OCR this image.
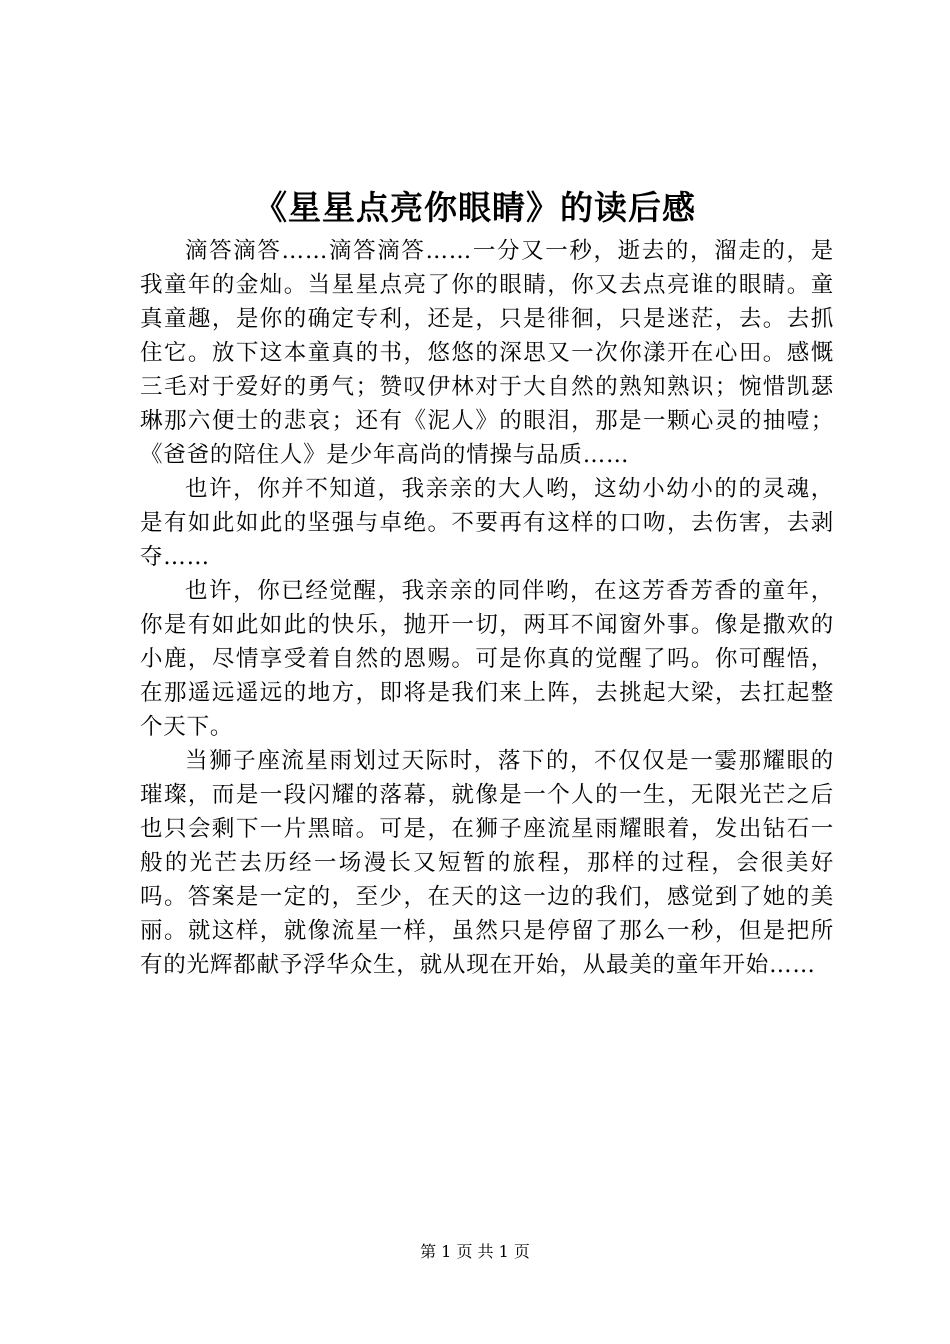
《星星点亮你眼睛》的读后感

滴答滴答……滴答滴答……一分又一秒，逝去的，溜走的，是我童年的金灿。当星星点亮了你的眼睛，你又去点亮谁的眼睛。童真童趣，是你的确定专利，还是，只是徘徊，只是迷茫，去。去抓住它。放下这本童真的书，悠悠的深思又一次你漾开在心田。感慨三毛对于爱好的勇气；赞叹伊林对于大自然的熟知熟识；惋惜凯瑟琳那六便士的悲哀；还有《泥人》的眼泪，那是一颗心灵的抽噎；《爸爸的陪住人》是少年高尚的情操与品质……

也许，你并不知道，我亲亲的大人哟，这幼小幼小的的灵魂，是有如此如此的坚强与卓绝。不要再有这样的口吻，去伤害，去剥夺……

也许，你已经觉醒，我亲亲的同伴哟，在这芳香芳香的童年，你是有如此如此的快乐，抛开一切，两耳不闻窗外事。像是撒欢的小鹿，尽情享受着自然的恩赐。可是你真的觉醒了吗。你可醒悟，在那遥远遥远的地方，即将是我们来上阵，去挑起大梁，去扛起整个天下。

当狮子座流星雨划过天际时，落下的，不仅仅是一霎那耀眼的璀璨，而是一段闪耀的落幕，就像是一个人的一生，无限光芒之后也只会剩下一片黑暗。可是，在狮子座流星雨耀眼着，发出钻石一般的光芒去历经一场漫长又短暂的旅程，那样的过程，会很美好吗。答案是一定的，至少，在天的这一边的我们，感觉到了她的美丽。就这样，就像流星一样，虽然只是停留了那么一秒，但是把所有的光辉都献予浮华众生，就从现在开始，从最美的童年开始……

第 1 页 共 1 页
